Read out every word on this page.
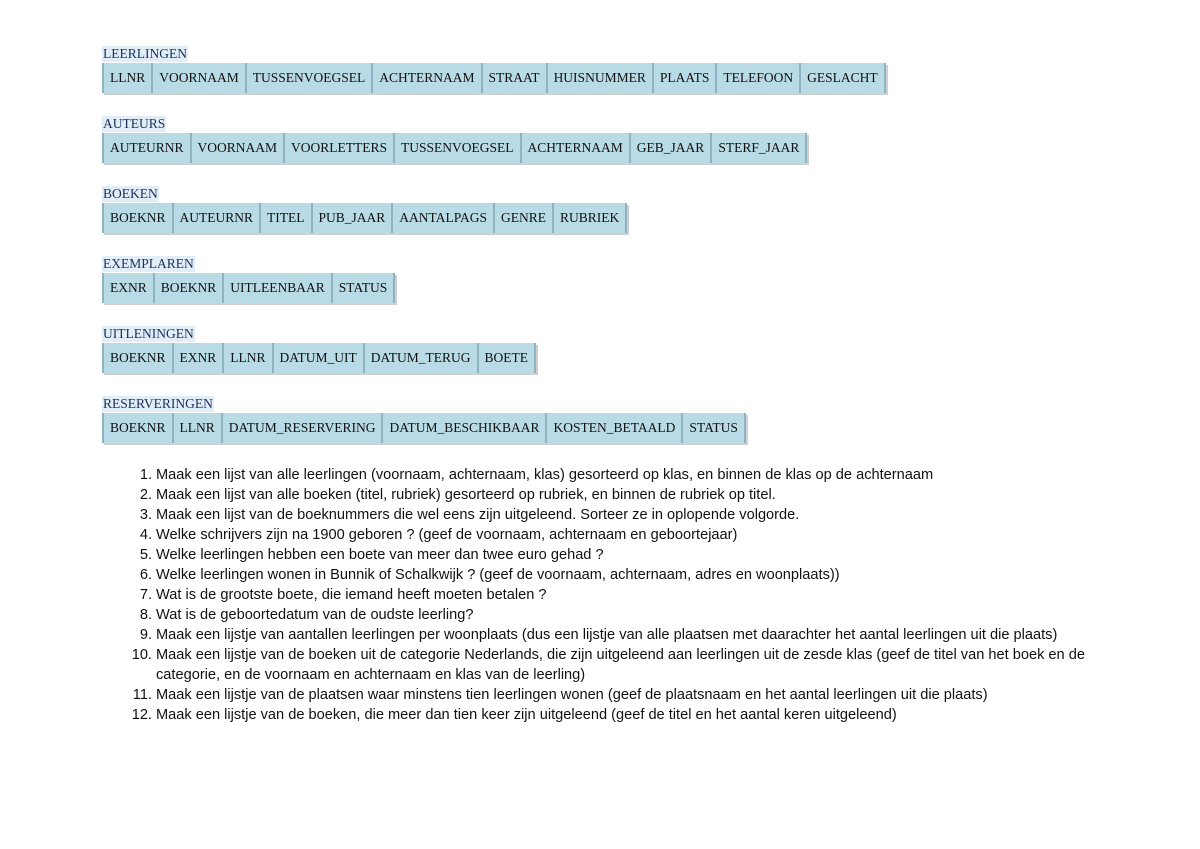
LEERLINGEN
LLNR	VOORNAAM	TUSSENVOEGSEL	ACHTERNAAM	STRAAT	HUISNUMMER	PLAATS	TELEFOON	GESLACHT
AUTEURS
AUTEURNR	VOORNAAM	VOORLETTERS	TUSSENVOEGSEL	ACHTERNAAM	GEB_JAAR	STERF_JAAR
BOEKEN
BOEKNR	AUTEURNR	TITEL	PUB_JAAR	AANTALPAGS	GENRE	RUBRIEK
EXEMPLAREN
EXNR	BOEKNR	UITLEENBAAR	STATUS
UITLENINGEN
BOEKNR	EXNR	LLNR	DATUM_UIT	DATUM_TERUG	BOETE
RESERVERINGEN
BOEKNR	LLNR	DATUM_RESERVERING	DATUM_BESCHIKBAAR	KOSTEN_BETAALD	STATUS
1. Maak een lijst van alle leerlingen (voornaam, achternaam, klas) gesorteerd op klas, en binnen de klas op de achternaam
2. Maak een lijst van alle boeken (titel, rubriek) gesorteerd op rubriek, en binnen de rubriek op titel.
3. Maak een lijst van de boeknummers die wel eens zijn uitgeleend. Sorteer ze in oplopende volgorde.
4. Welke schrijvers zijn na 1900 geboren ? (geef de voornaam, achternaam en geboortejaar)
5. Welke leerlingen hebben een boete van meer dan twee euro gehad ?
6. Welke leerlingen wonen in Bunnik of Schalkwijk ? (geef de voornaam, achternaam, adres en woonplaats))
7. Wat is de grootste boete, die iemand heeft moeten betalen ?
8. Wat is de geboortedatum van de oudste leerling?
9. Maak een lijstje van aantallen leerlingen per woonplaats (dus een lijstje van alle plaatsen met daarachter het aantal leerlingen uit die plaats)
10. Maak een lijstje van de boeken uit de categorie Nederlands, die zijn uitgeleend aan leerlingen uit de zesde klas (geef de titel van het boek en de categorie, en de voornaam en achternaam en klas van de leerling)
11. Maak een lijstje van de plaatsen waar minstens tien leerlingen wonen (geef de plaatsnaam en het aantal leerlingen uit die plaats)
12. Maak een lijstje van de boeken, die meer dan tien keer zijn uitgeleend (geef de titel en het aantal keren uitgeleend)
